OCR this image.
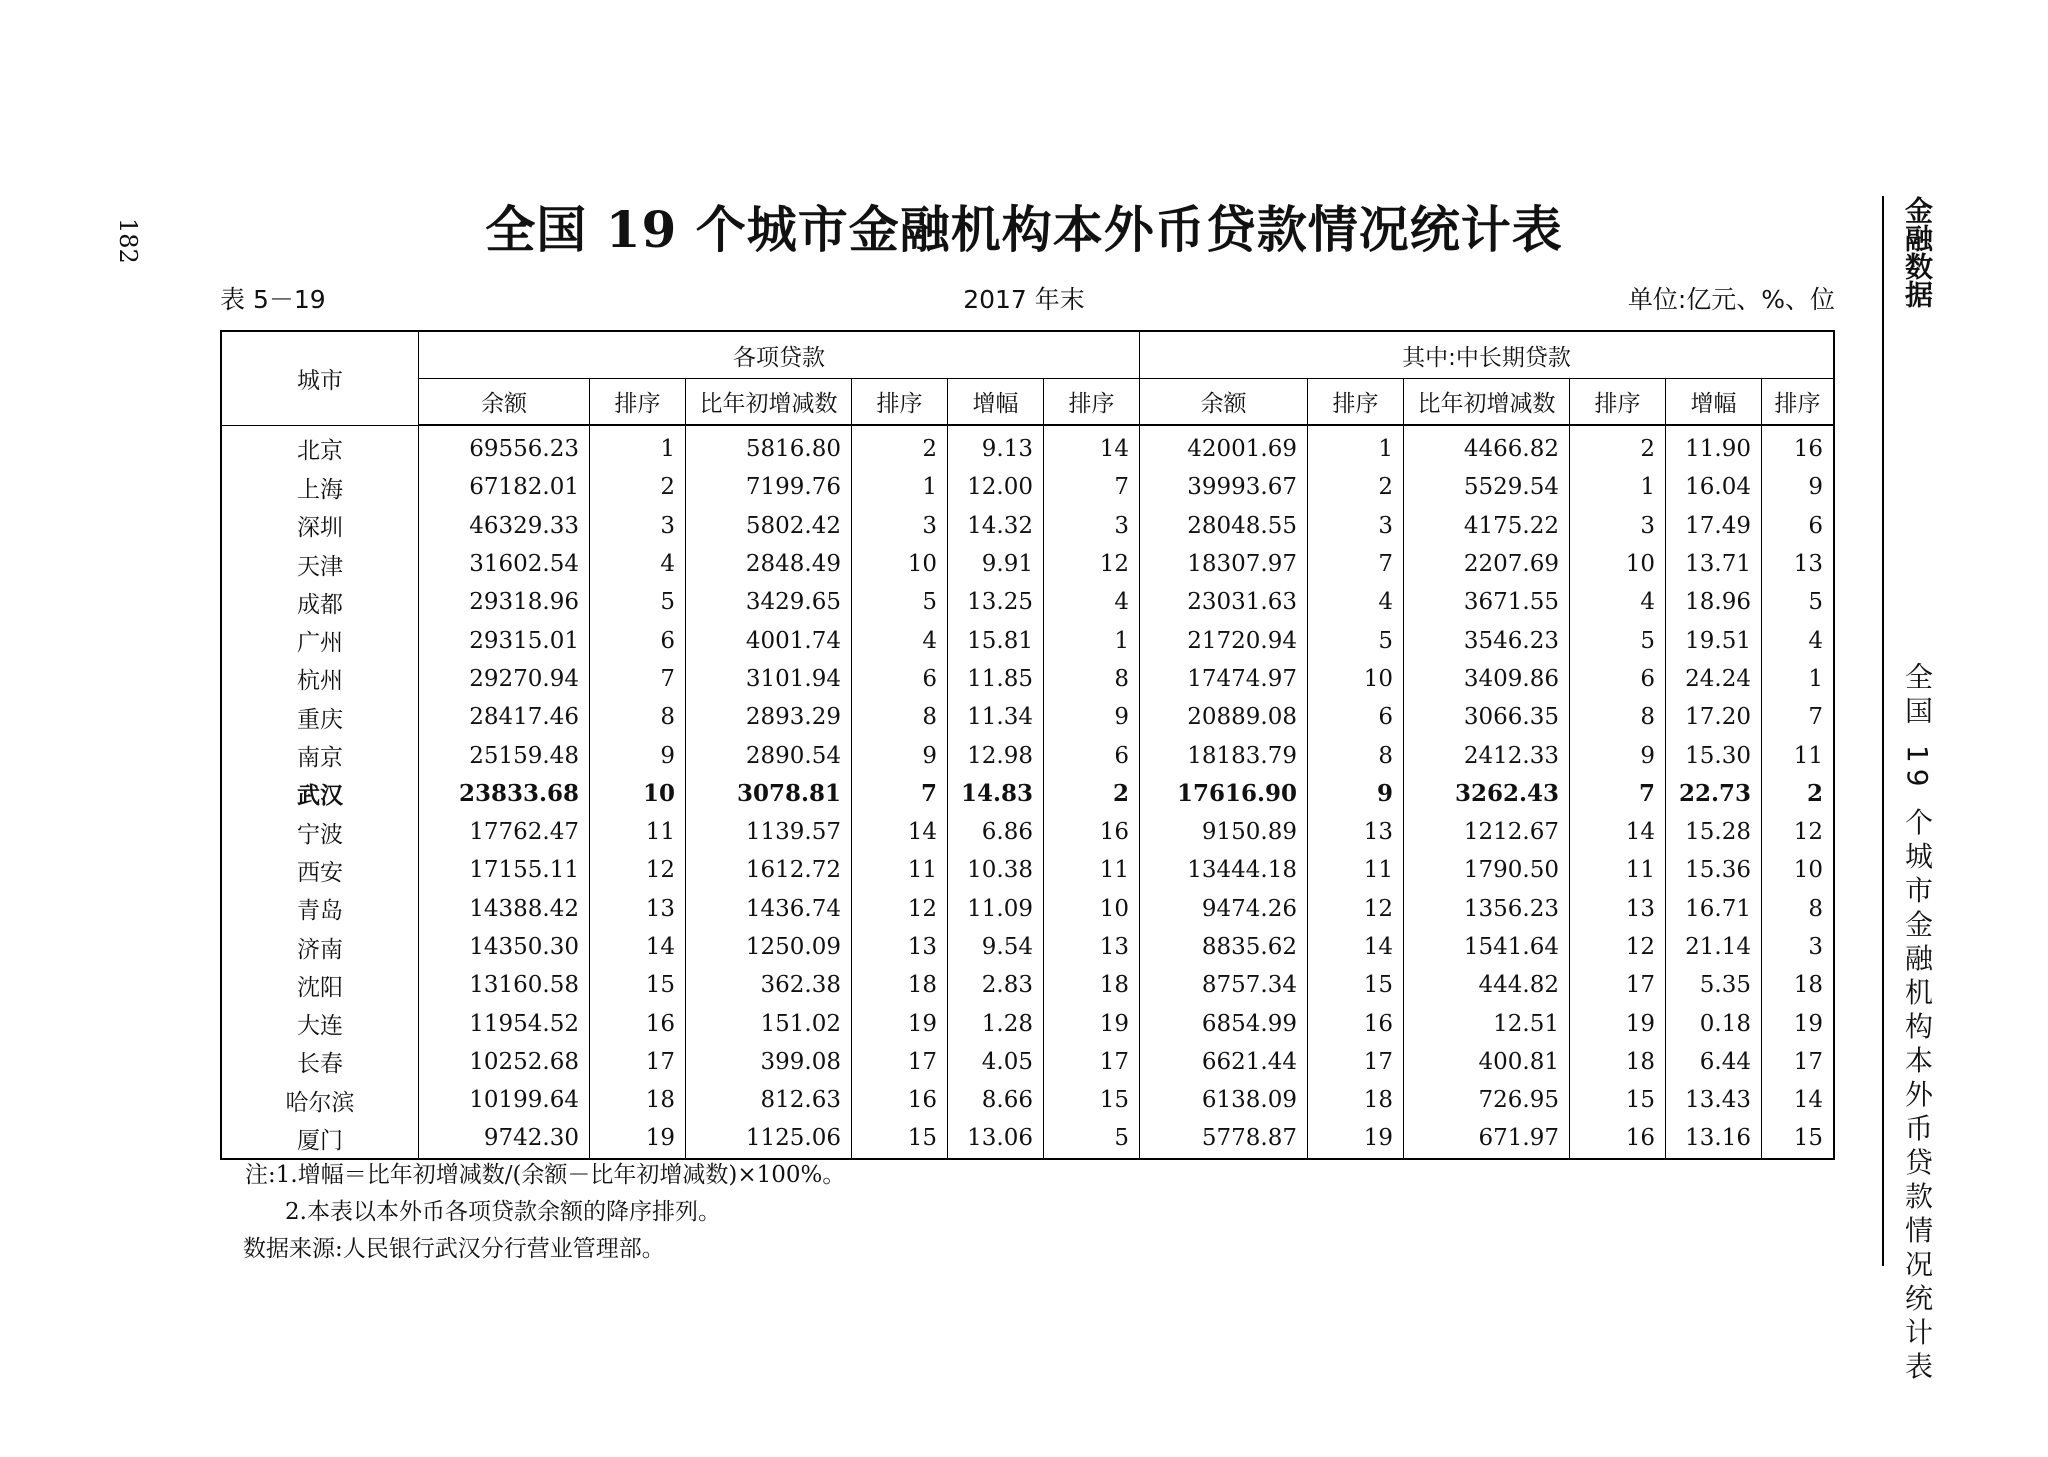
182	全国 19 个城市金融机构本外币贷款情况统计表
表 5－19	2017 年末	单位:亿元、%、位
城市	各项贷款						其中:中长期贷款					
	余额	排序	比年初增减数	排序	增幅	排序	余额	排序	比年初增减数	排序	增幅	排序
北京	69556.23	1	5816.80	2	9.13	14	42001.69	1	4466.82	2	11.90	16
上海	67182.01	2	7199.76	1	12.00	7	39993.67	2	5529.54	1	16.04	9
深圳	46329.33	3	5802.42	3	14.32	3	28048.55	3	4175.22	3	17.49	6
天津	31602.54	4	2848.49	10	9.91	12	18307.97	7	2207.69	10	13.71	13
成都	29318.96	5	3429.65	5	13.25	4	23031.63	4	3671.55	4	18.96	5
广州	29315.01	6	4001.74	4	15.81	1	21720.94	5	3546.23	5	19.51	4
杭州	29270.94	7	3101.94	6	11.85	8	17474.97	10	3409.86	6	24.24	1
重庆	28417.46	8	2893.29	8	11.34	9	20889.08	6	3066.35	8	17.20	7
南京	25159.48	9	2890.54	9	12.98	6	18183.79	8	2412.33	9	15.30	11
武汉	23833.68	10	3078.81	7	14.83	2	17616.90	9	3262.43	7	22.73	2
宁波	17762.47	11	1139.57	14	6.86	16	9150.89	13	1212.67	14	15.28	12
西安	17155.11	12	1612.72	11	10.38	11	13444.18	11	1790.50	11	15.36	10
青岛	14388.42	13	1436.74	12	11.09	10	9474.26	12	1356.23	13	16.71	8
济南	14350.30	14	1250.09	13	9.54	13	8835.62	14	1541.64	12	21.14	3
沈阳	13160.58	15	362.38	18	2.83	18	8757.34	15	444.82	17	5.35	18
大连	11954.52	16	151.02	19	1.28	19	6854.99	16	12.51	19	0.18	19
长春	10252.68	17	399.08	17	4.05	17	6621.44	17	400.81	18	6.44	17
哈尔滨	10199.64	18	812.63	16	8.66	15	6138.09	18	726.95	15	13.43	14
厦门	9742.30	19	1125.06	15	13.06	5	5778.87	19	671.97	16	13.16	15
注:1.增幅＝比年初增减数/(余额－比年初增减数)×100%。
2.本表以本外币各项贷款余额的降序排列。
数据来源:人民银行武汉分行营业管理部。
金融数据
全国 19 个城市金融机构本外币贷款情况统计表
